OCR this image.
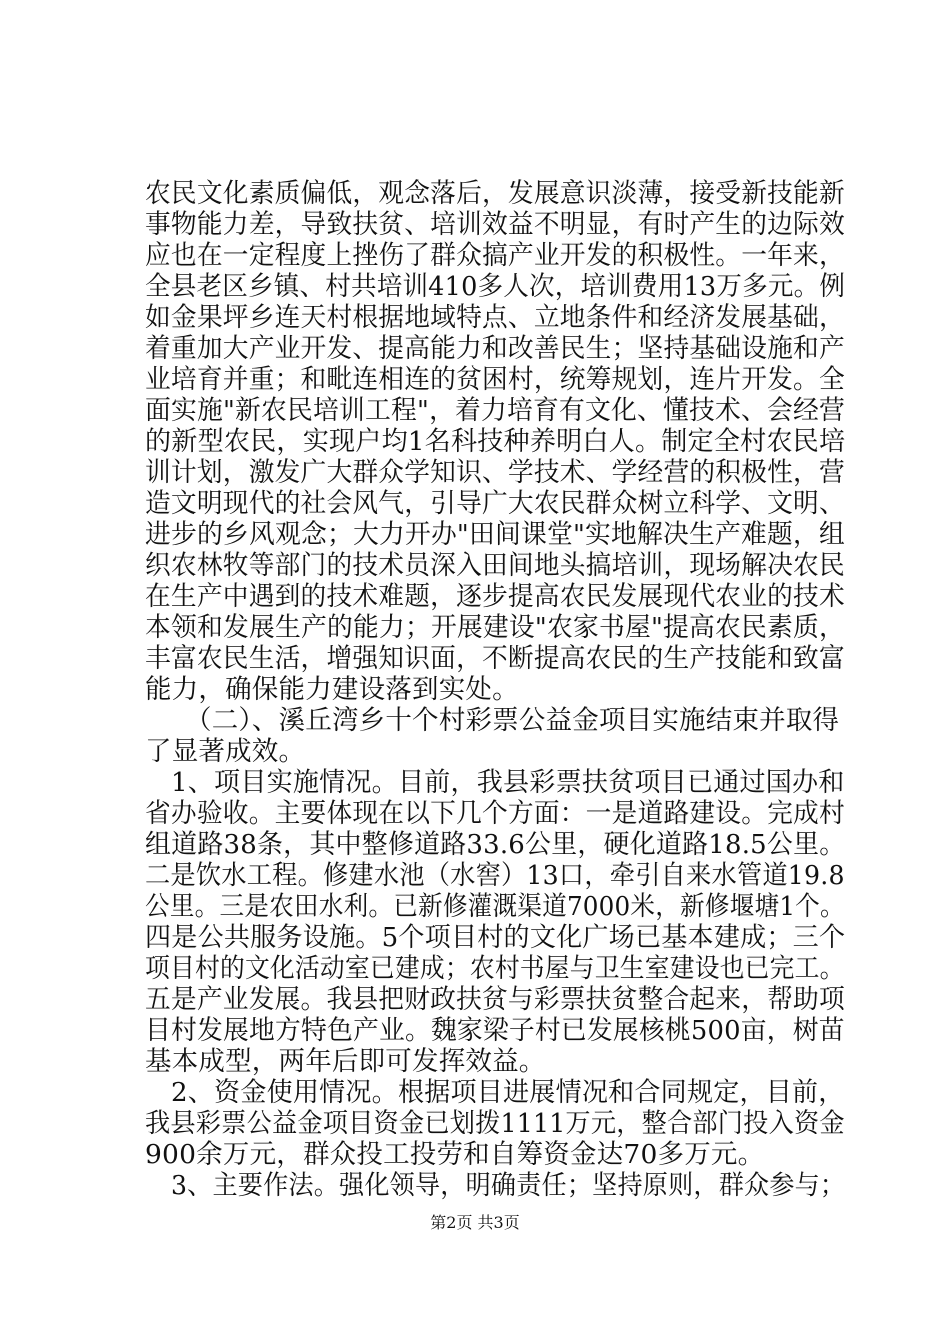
农民文化素质偏低，观念落后，发展意识淡薄，接受新技能新
事物能力差，导致扶贫、培训效益不明显，有时产生的边际效
应也在一定程度上挫伤了群众搞产业开发的积极性。一年来，
全县老区乡镇、村共培训410多人次，培训费用13万多元。例
如金果坪乡连天村根据地域特点、立地条件和经济发展基础，
着重加大产业开发、提高能力和改善民生；坚持基础设施和产
业培育并重；和毗连相连的贫困村，统筹规划，连片开发。全
面实施"新农民培训工程"，着力培育有文化、懂技术、会经营
的新型农民，实现户均1名科技种养明白人。制定全村农民培
训计划，激发广大群众学知识、学技术、学经营的积极性，营
造文明现代的社会风气，引导广大农民群众树立科学、文明、
进步的乡风观念；大力开办"田间课堂"实地解决生产难题，组
织农林牧等部门的技术员深入田间地头搞培训，现场解决农民
在生产中遇到的技术难题，逐步提高农民发展现代农业的技术
本领和发展生产的能力；开展建设"农家书屋"提高农民素质，
丰富农民生活，增强知识面，不断提高农民的生产技能和致富
能力，确保能力建设落到实处。
（二）、溪丘湾乡十个村彩票公益金项目实施结束并取得
了显著成效。
1、项目实施情况。目前，我县彩票扶贫项目已通过国办和
省办验收。主要体现在以下几个方面：一是道路建设。完成村
组道路38条，其中整修道路33.6公里，硬化道路18.5公里。
二是饮水工程。修建水池（水窖）13口，牵引自来水管道19.8
公里。三是农田水利。已新修灌溉渠道7000米，新修堰塘1个。
四是公共服务设施。5个项目村的文化广场已基本建成；三个
项目村的文化活动室已建成；农村书屋与卫生室建设也已完工。
五是产业发展。我县把财政扶贫与彩票扶贫整合起来，帮助项
目村发展地方特色产业。魏家梁子村已发展核桃500亩，树苗
基本成型，两年后即可发挥效益。
2、资金使用情况。根据项目进展情况和合同规定，目前，
我县彩票公益金项目资金已划拨1111万元，整合部门投入资金
900余万元，群众投工投劳和自筹资金达70多万元。
3、主要作法。强化领导，明确责任；坚持原则，群众参与；
第2页 共3页
